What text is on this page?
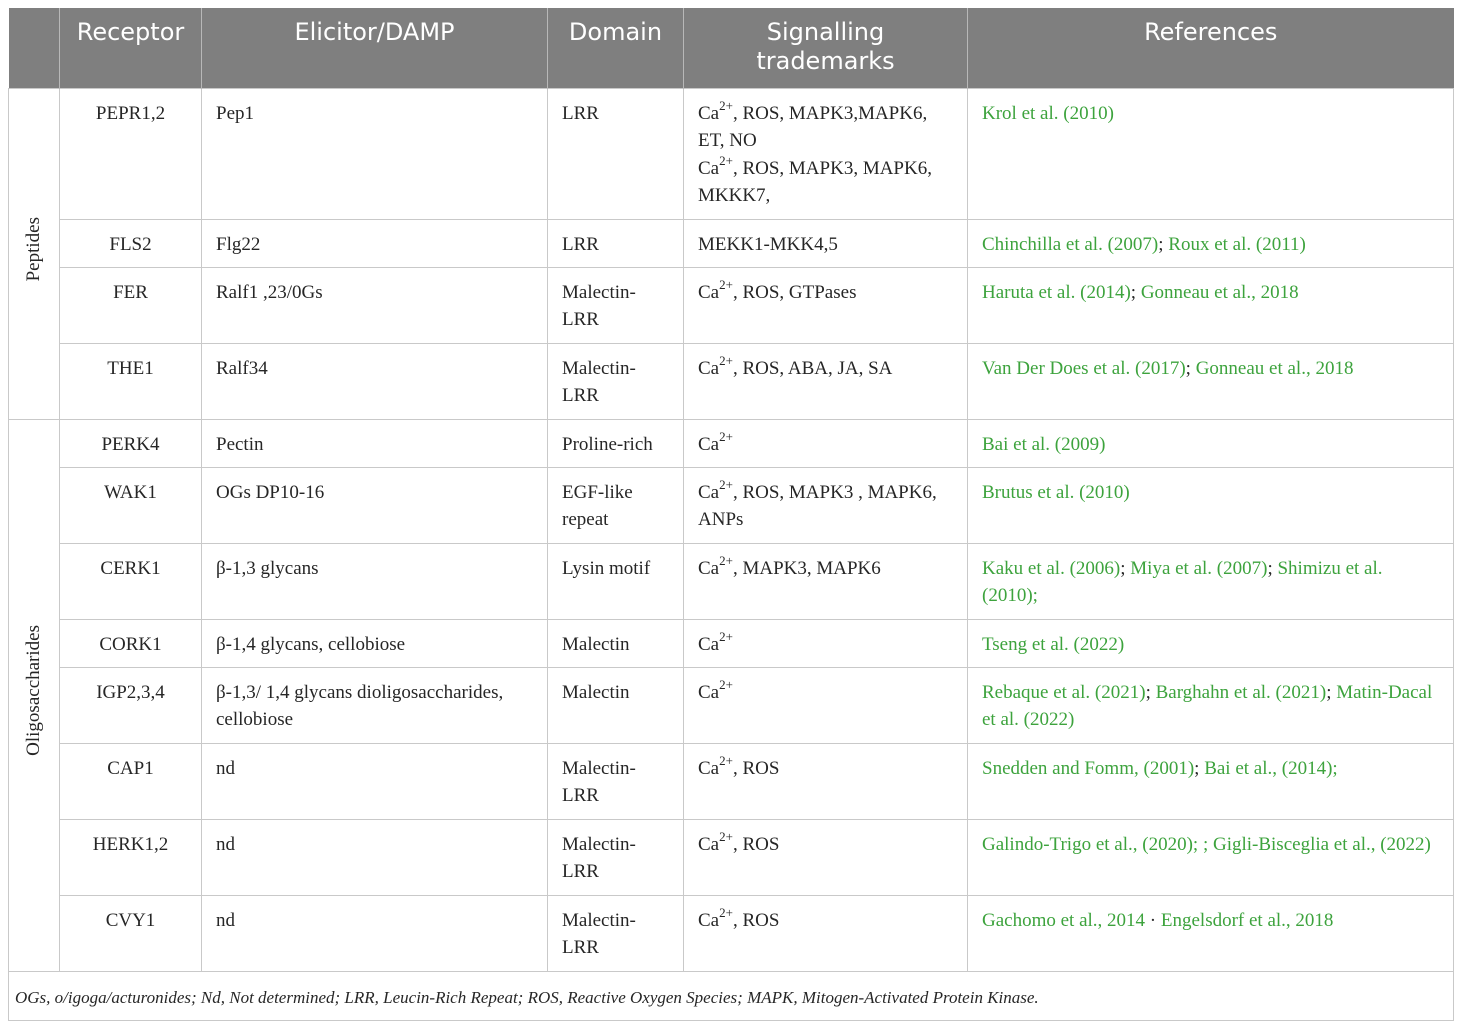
	Receptor	Elicitor/DAMP	Domain	Signalling trademarks	References
Peptides	PEPR1,2	Pep1	LRR	$Ca^{2+}$, ROS, MAPK3,MAPK6,
ET, NO
$Ca^{2+}$, ROS, MAPK3, MAPK6,
MKKK7,	Krol et al. (2010)
	FLS2	Flg22	LRR	MEKK1-MKK4,5	Chinchilla et al. (2007); Roux et al. (2011)
	FER	Ralf1 ,23/0Gs	Malectin-LRR	$Ca^{2+}$, ROS, GTPases	Haruta et al. (2014); Gonneau et al., 2018
	THE1	Ralf34	Malectin-LRR	$Ca^{2+}$, ROS, ABA, JA, SA	Van Der Does et al. (2017); Gonneau et al., 2018
Oligosaccharides	PERK4	Pectin	Proline-rich	$Ca^{2+}$	Bai et al. (2009)
	WAK1	OGs DP10-16	EGF-like repeat	$Ca^{2+}$, ROS, MAPK3 , MAPK6,
ANPs	Brutus et al. (2010)
	CERK1	β-1,3 glycans	Lysin motif	$Ca^{2+}$, MAPK3, MAPK6	Kaku et al. (2006); Miya et al. (2007); Shimizu et al. (2010);
	CORK1	β-1,4 glycans, cellobiose	Malectin	$Ca^{2+}$	Tseng et al. (2022)
	IGP2,3,4	β-1,3/ 1,4 glycans dioligosaccharides, cellobiose	Malectin	$Ca^{2+}$	Rebaque et al. (2021); Barghahn et al. (2021); Matin-Dacal et al. (2022)
	CAP1	nd	Malectin-LRR	$Ca^{2+}$, ROS	Snedden and Fomm, (2001); Bai et al., (2014);
	HERK1,2	nd	Malectin-LRR	$Ca^{2+}$, ROS	Galindo-Trigo et al., (2020); ; Gigli-Bisceglia et al., (2022)
	CVY1	nd	Malectin-LRR	$Ca^{2+}$, ROS	Gachomo et al., 2014 · Engelsdorf et al., 2018
OGs, o/igoga/acturonides; Nd, Not determined; LRR, Leucin-Rich Repeat; ROS, Reactive Oxygen Species; MAPK, Mitogen-Activated Protein Kinase.					
